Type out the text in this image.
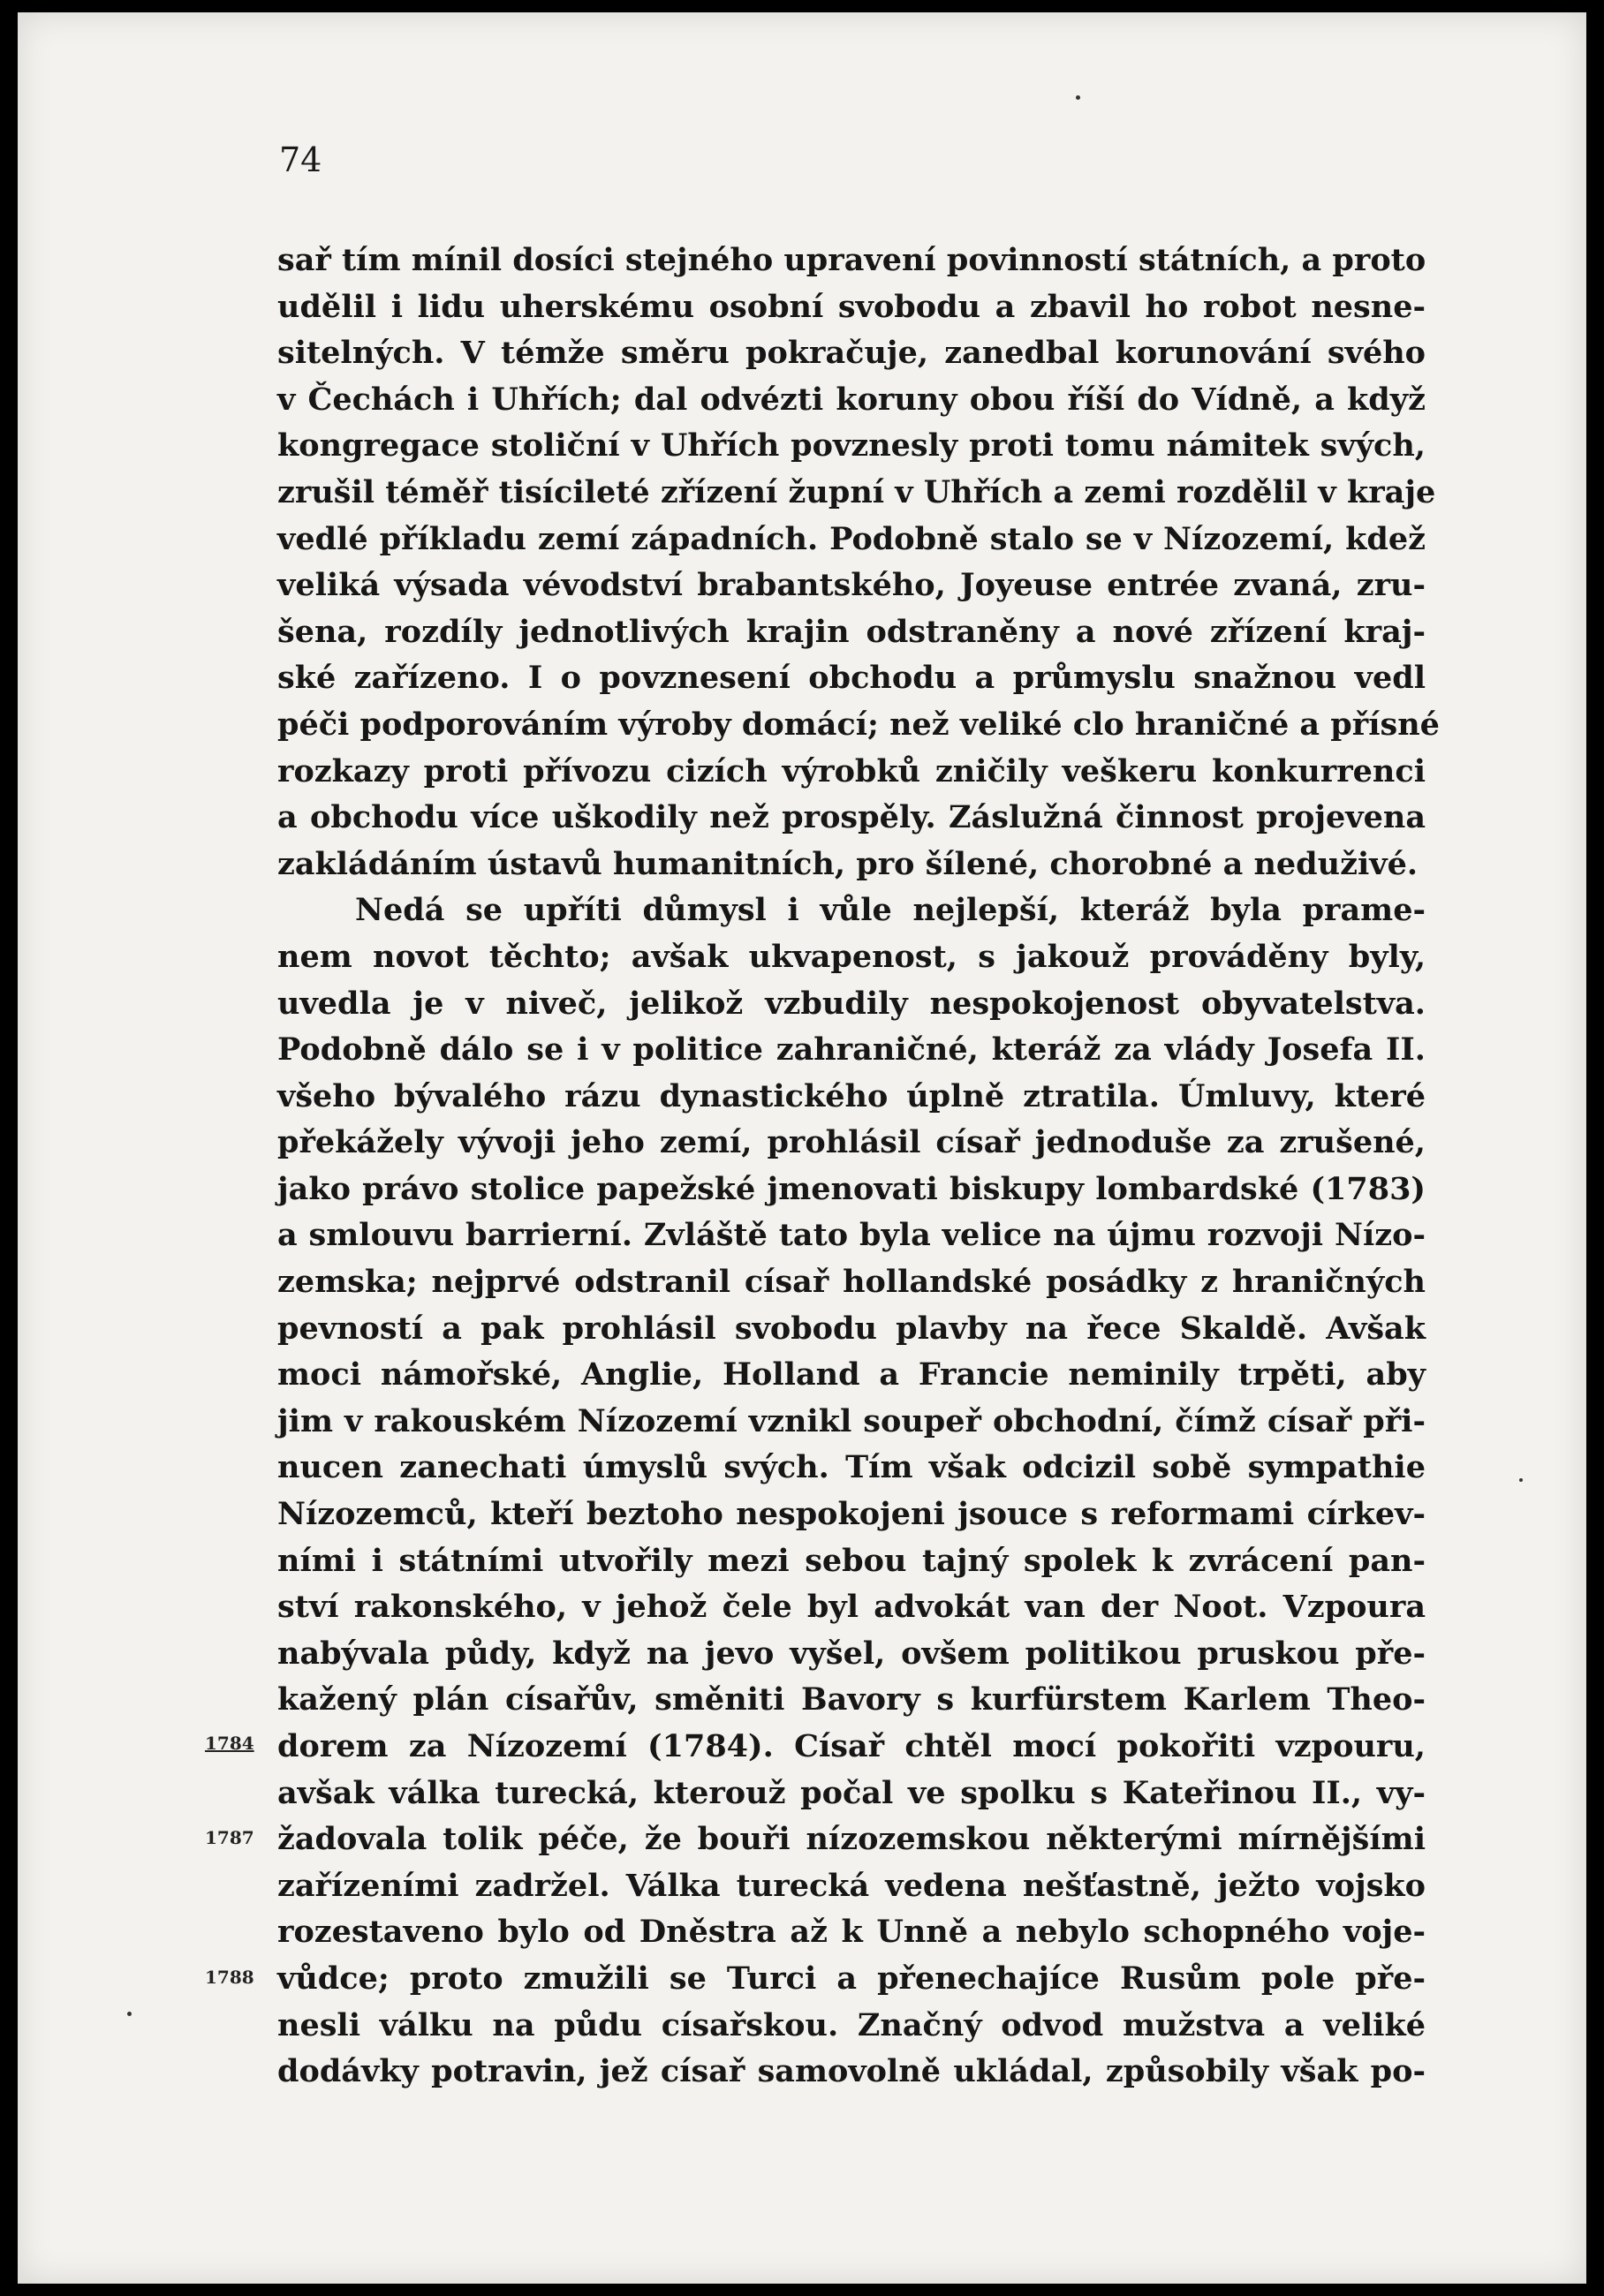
74
sař tím mínil dosíci stejného upravení povinností státních, a proto
udělil i lidu uherskému osobní svobodu a zbavil ho robot nesne-
sitelných. V témže směru pokračuje, zanedbal korunování svého
v Čechách i Uhřích; dal odvézti koruny obou říší do Vídně, a když
kongregace stoliční v Uhřích povznesly proti tomu námitek svých,
zrušil téměř tisícileté zřízení župní v Uhřích a zemi rozdělil v kraje
vedlé příkladu zemí západních. Podobně stalo se v Nízozemí, kdež
veliká výsada vévodství brabantského, Joyeuse entrée zvaná, zru-
šena, rozdíly jednotlivých krajin odstraněny a nové zřízení kraj-
ské zařízeno. I o povznesení obchodu a průmyslu snažnou vedl
péči podporováním výroby domácí; než veliké clo hraničné a přísné
rozkazy proti přívozu cizích výrobků zničily veškeru konkurrenci
a obchodu více uškodily než prospěly. Záslužná činnost projevena
zakládáním ústavů humanitních, pro šílené, chorobné a neduživé.
Nedá se upříti důmysl i vůle nejlepší, kteráž byla prame-
nem novot těchto; avšak ukvapenost, s jakouž prováděny byly,
uvedla je v niveč, jelikož vzbudily nespokojenost obyvatelstva.
Podobně dálo se i v politice zahraničné, kteráž za vlády Josefa II.
všeho bývalého rázu dynastického úplně ztratila. Úmluvy, které
překážely vývoji jeho zemí, prohlásil císař jednoduše za zrušené,
jako právo stolice papežské jmenovati biskupy lombardské (1783)
a smlouvu barrierní. Zvláště tato byla velice na újmu rozvoji Nízo-
zemska; nejprvé odstranil císař hollandské posádky z hraničných
pevností a pak prohlásil svobodu plavby na řece Skaldě. Avšak
moci námořské, Anglie, Holland a Francie neminily trpěti, aby
jim v rakouském Nízozemí vznikl soupeř obchodní, čímž císař při-
nucen zanechati úmyslů svých. Tím však odcizil sobě sympathie
Nízozemců, kteří beztoho nespokojeni jsouce s reformami církev-
ními i státními utvořily mezi sebou tajný spolek k zvrácení pan-
ství rakonského, v jehož čele byl advokát van der Noot. Vzpoura
nabývala půdy, když na jevo vyšel, ovšem politikou pruskou pře-
kažený plán císařův, směniti Bavory s kurfürstem Karlem Theo-
dorem za Nízozemí (1784). Císař chtěl mocí pokořiti vzpouru,
avšak válka turecká, kterouž počal ve spolku s Kateřinou II., vy-
žadovala tolik péče, že bouři nízozemskou některými mírnějšími
zařízeními zadržel. Válka turecká vedena nešťastně, ježto vojsko
rozestaveno bylo od Dněstra až k Unně a nebylo schopného voje-
vůdce; proto zmužili se Turci a přenechajíce Rusům pole pře-
nesli válku na půdu císařskou. Značný odvod mužstva a veliké
dodávky potravin, jež císař samovolně ukládal, způsobily však po-
1784
1787
1788
